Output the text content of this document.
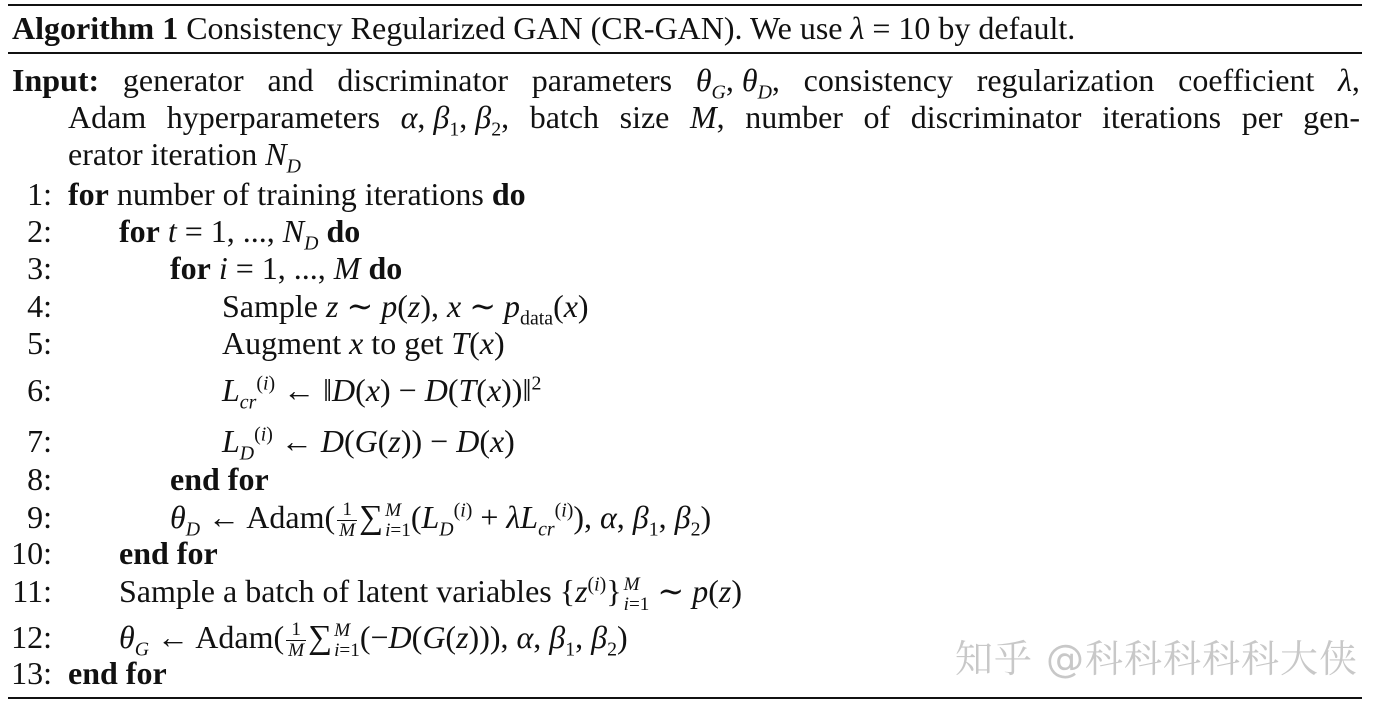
Algorithm 1 Consistency Regularized GAN (CR-GAN). We use λ = 10 by default.
Input: generator and discriminator parameters $\theta_G$, $\theta_D$, consistency regularization coefficient λ,
Adam hyperparameters α, $\beta_1$, $\beta_2$, batch size M, number of discriminator iterations per gen-
erator iteration $N_D$
1: for number of training iterations do
2: for t = 1, ..., $N_D$ do
3:	for i = 1, ..., M do
4:	Sample z ∼ p(z), x ∼ $p_{data}(x)$
5:	Augment x to get T(x)
6:	$L_{cr}^{(i)}$ ← ‖D(x) − D(T(x))‖$^2$
7:	$L_D^{(i)}$ ← D(G(z)) − D(x)
8:	end for
9:	$\theta_D$ ← Adam( $\frac{1}{M}$ ∑ M
i=1 $(L_D^{(i)} + \lambda L_{cr}^{(i)})$, α, $\beta_1$, $\beta_2$)
10: end for
11: Sample a batch of latent variables $\{z^{(i)}\}$ M
i=1 ∼ p(z)
12: $\theta_G$ ← Adam( $\frac{1}{M}$ ∑ M
i=1 (−D(G(z))), α, $\beta_1$, $\beta_2$)
13: end for	知乎 @科科科科科大侠
